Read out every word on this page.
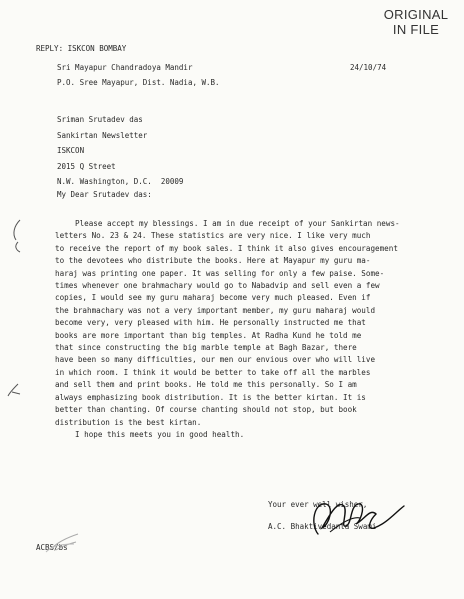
ORIGINAL
IN FILE
REPLY: ISKCON BOMBAY
Sri Mayapur Chandradoya Mandir
P.O. Sree Mayapur, Dist. Nadia, W.B.
24/10/74
Sriman Srutadev das
Sankirtan Newsletter
ISKCON
2015 Q Street
N.W. Washington, D.C.  20009
My Dear Srutadev das:
Please accept my blessings. I am in due receipt of your Sankirtan news-
letters No. 23 & 24. These statistics are very nice. I like very much
to receive the report of my book sales. I think it also gives encouragement
to the devotees who distribute the books. Here at Mayapur my guru ma-
haraj was printing one paper. It was selling for only a few paise. Some-
times whenever one brahmachary would go to Nabadvip and sell even a few
copies, I would see my guru maharaj become very much pleased. Even if
the brahmachary was not a very important member, my guru maharaj would
become very, very pleased with him. He personally instructed me that
books are more important than big temples. At Radha Kund he told me
that since constructing the big marble temple at Bagh Bazar, there
have been so many difficulties, our men our envious over who will live
in which room. I think it would be better to take off all the marbles
and sell them and print books. He told me this personally. So I am
always emphasizing book distribution. It is the better kirtan. It is
better than chanting. Of course chanting should not stop, but book
distribution is the best kirtan.
I hope this meets you in good health.
Your ever well wisher,
A.C. Bhaktivedanta Swami
ACBS/bs
